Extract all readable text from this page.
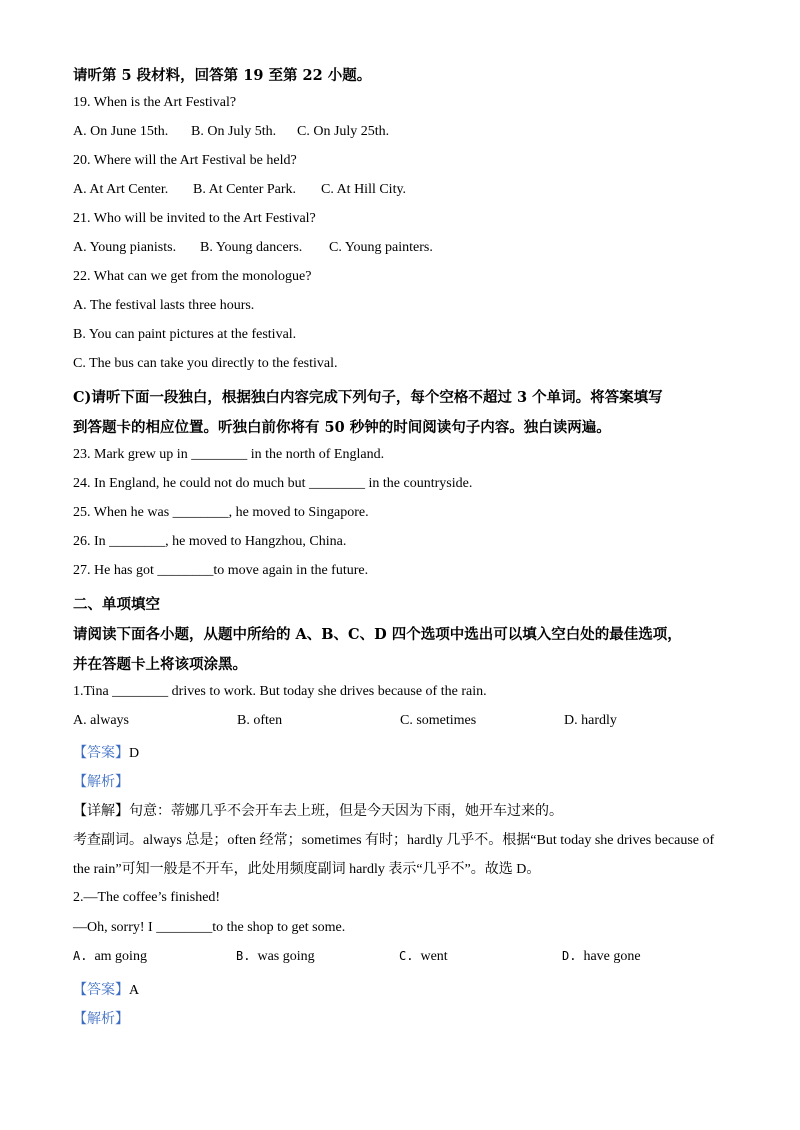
请听第 5 段材料，回答第 19 至第 22 小题。
19. When is the Art Festival?
A. On June 15th. B. On July 5th. C. On July 25th.
20. Where will the Art Festival be held?
A. At Art Center. B. At Center Park. C. At Hill City.
21. Who will be invited to the Art Festival?
A. Young pianists. B. Young dancers. C. Young painters.
22. What can we get from the monologue?
A. The festival lasts three hours.
B. You can paint pictures at the festival.
C. The bus can take you directly to the festival.
C)请听下面一段独白，根据独白内容完成下列句子，每个空格不超过 3 个单词。将答案填写
到答题卡的相应位置。听独白前你将有 50 秒钟的时间阅读句子内容。独白读两遍。
23. Mark grew up in ________ in the north of England.
24. In England, he could not do much but ________ in the countryside.
25. When he was ________, he moved to Singapore.
26. In ________, he moved to Hangzhou, China.
27. He has got ________to move again in the future.
二、单项填空
请阅读下面各小题，从题中所给的 A、B、C、D 四个选项中选出可以填入空白处的最佳选项，
并在答题卡上将该项涂黑。
1.Tina ________ drives to work. But today she drives because of the rain.
A. always	B. often	C. sometimes	D. hardly
【答案】D
【解析】
【详解】句意：蒂娜几乎不会开车去上班，但是今天因为下雨，她开车过来的。
考查副词。always 总是；often 经常；sometimes 有时；hardly 几乎不。根据“But today she drives because of
the rain”可知一般是不开车，此处用频度副词 hardly 表示“几乎不”。故选 D。
2.—The coffee’s finished!
—Oh, sorry! I ________to the shop to get some.
A. am going	B. was going	C. went	D. have gone
【答案】A
【解析】
